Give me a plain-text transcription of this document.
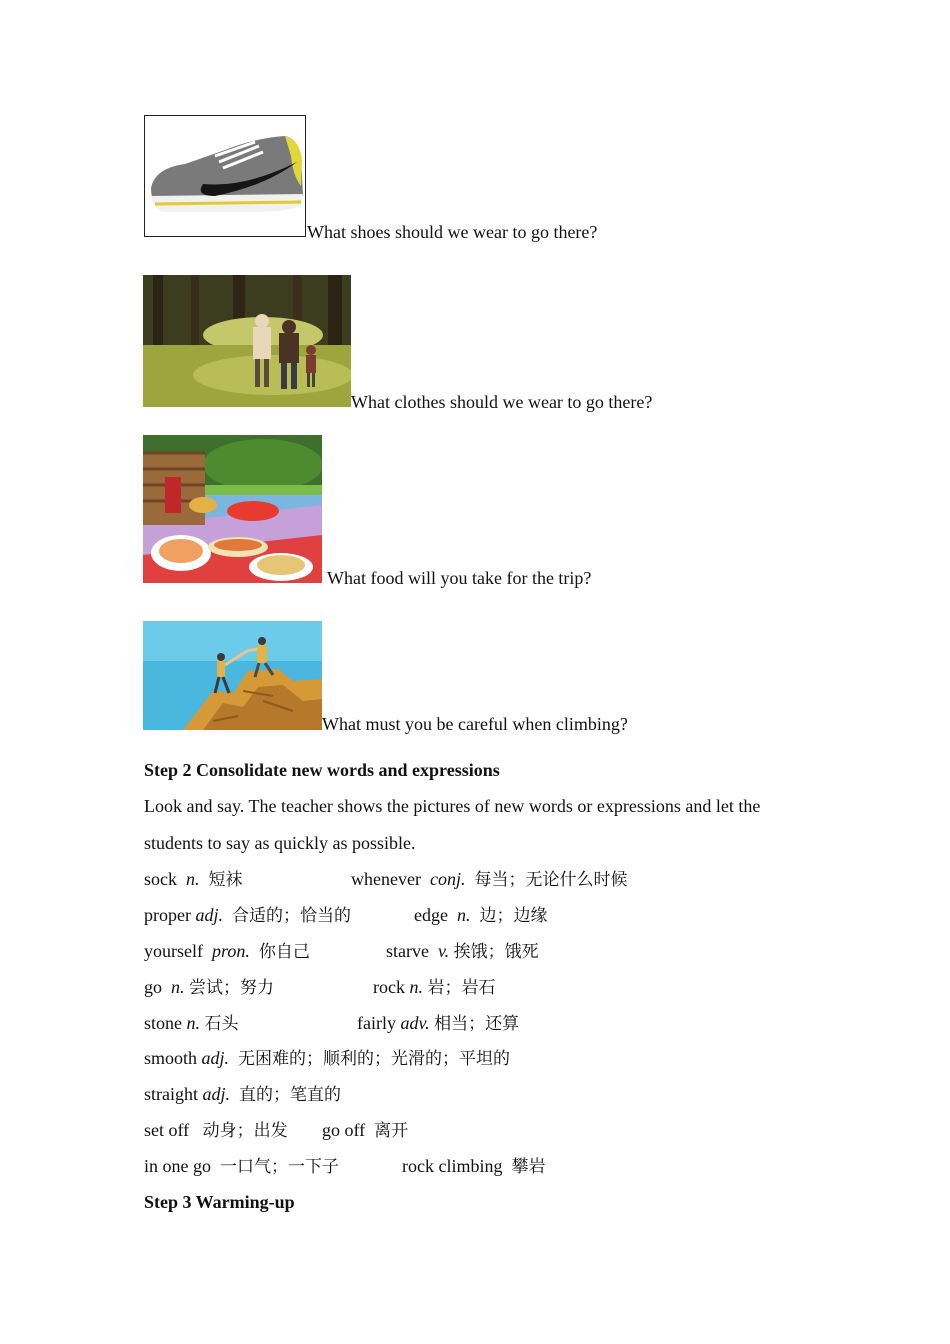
What shoes should we wear to go there?
What clothes should we wear to go there?
What food will you take for the trip?
What must you be careful when climbing?
Step 2 Consolidate new words and expressions
Look and say. The teacher shows the pictures of new words or expressions and let the
students to say as quickly as possible.
sock n. 短袜	whenever conj. 每当；无论什么时候
proper adj. 合适的；恰当的	edge n. 边；边缘
yourself pron. 你自己	starve v. 挨饿；饿死
go n. 尝试；努力	rock n. 岩；岩石
stone n. 石头	fairly adv. 相当；还算
smooth adj. 无困难的；顺利的；光滑的；平坦的
straight adj. 直的；笔直的
set off 动身；出发 go off 离开
in one go 一口气；一下子	rock climbing 攀岩
Step 3 Warming-up
